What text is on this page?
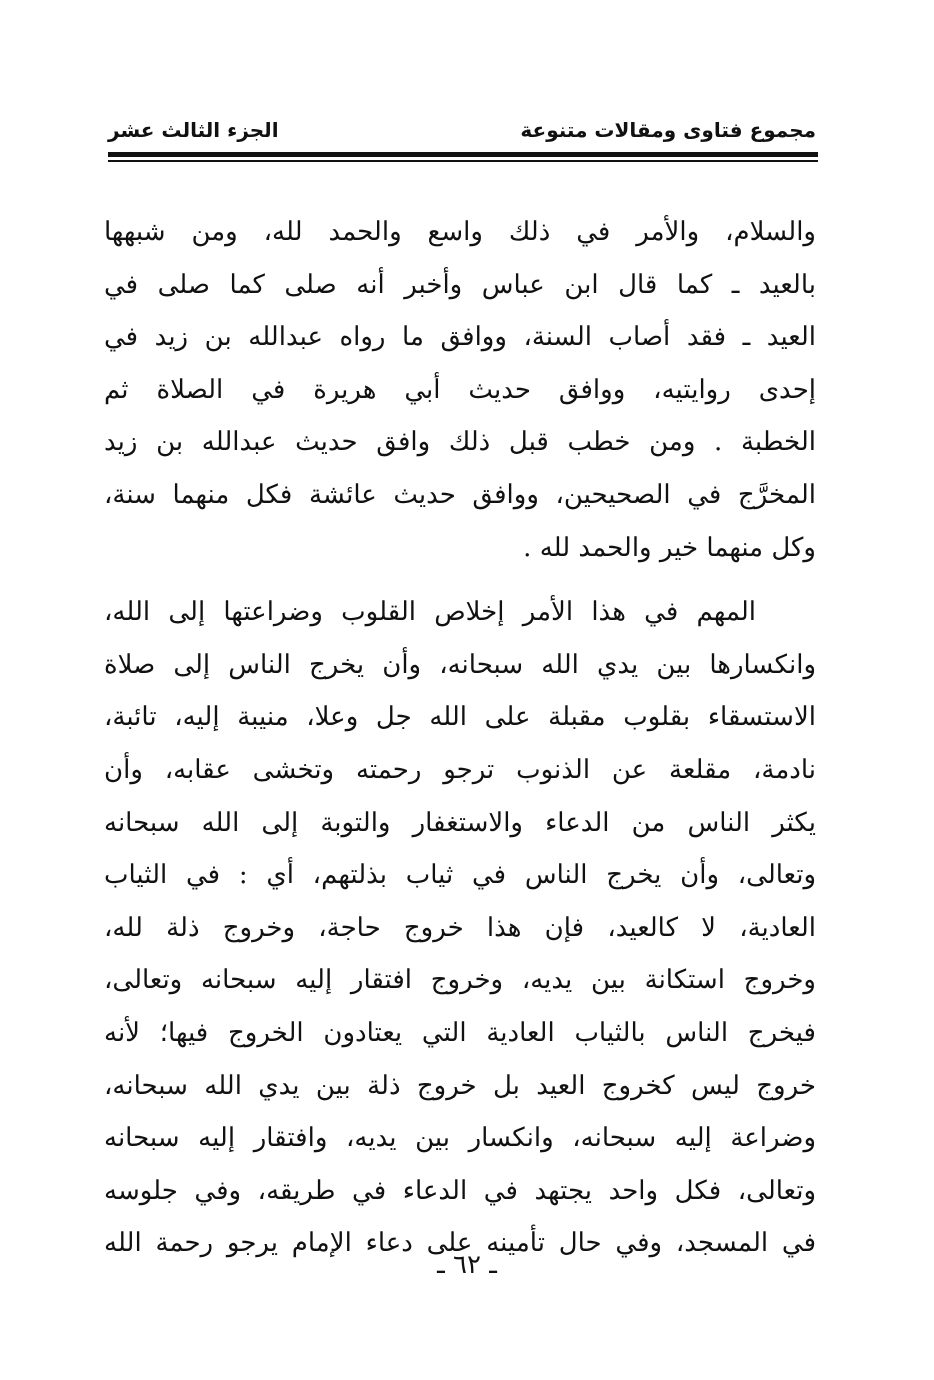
مجموع فتاوى ومقالات متنوعة
الجزء الثالث عشر

والسلام، والأمر في ذلك واسع والحمد لله، ومن شبهها
بالعيد ـ كما قال ابن عباس وأخبر أنه صلى كما صلى في
العيد ـ فقد أصاب السنة، ووافق ما رواه عبدالله بن زيد في
إحدى روايتيه، ووافق حديث أبي هريرة في الصلاة ثم
الخطبة . ومن خطب قبل ذلك وافق حديث عبدالله بن زيد
المخرَّج في الصحيحين، ووافق حديث عائشة فكل منهما سنة،
وكل منهما خير والحمد لله .

المهم في هذا الأمر إخلاص القلوب وضراعتها إلى الله،
وانكسارها بين يدي الله سبحانه، وأن يخرج الناس إلى صلاة
الاستسقاء بقلوب مقبلة على الله جل وعلا، منيبة إليه، تائبة،
نادمة، مقلعة عن الذنوب ترجو رحمته وتخشى عقابه، وأن
يكثر الناس من الدعاء والاستغفار والتوبة إلى الله سبحانه
وتعالى، وأن يخرج الناس في ثياب بذلتهم، أي : في الثياب
العادية، لا كالعيد، فإن هذا خروج حاجة، وخروج ذلة لله،
وخروج استكانة بين يديه، وخروج افتقار إليه سبحانه وتعالى،
فيخرج الناس بالثياب العادية التي يعتادون الخروج فيها؛ لأنه
خروج ليس كخروج العيد بل خروج ذلة بين يدي الله سبحانه،
وضراعة إليه سبحانه، وانكسار بين يديه، وافتقار إليه سبحانه
وتعالى، فكل واحد يجتهد في الدعاء في طريقه، وفي جلوسه
في المسجد، وفي حال تأمينه على دعاء الإمام يرجو رحمة الله

ـ ٦٢ ـ
